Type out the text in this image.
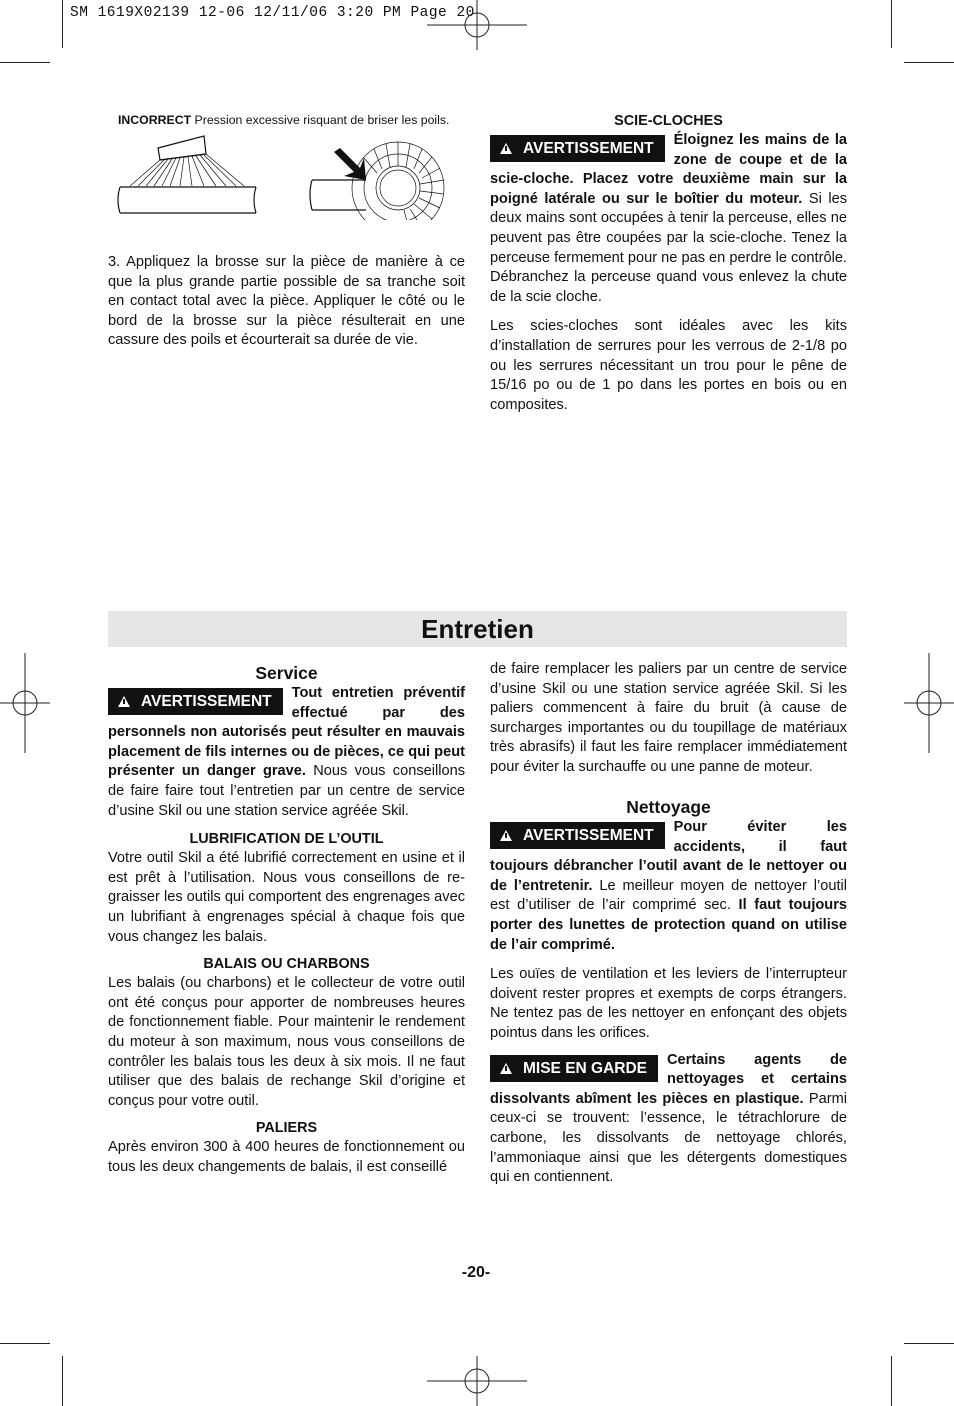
SM 1619X02139 12-06 12/11/06 3:20 PM Page 20
INCORRECT Pression excessive risquant de briser les poils.

3. Appliquez la brosse sur la pièce de manière à ce que la plus grande partie possible de sa tranche soit en contact total avec la pièce. Appliquer le côté ou le bord de la brosse sur la pièce résulterait en une cassure des poils et écourterait sa durée de vie.

SCIE-CLOCHES

AVERTISSEMENT	Éloignez les mains de la zone de coupe et de la scie-cloche. Placez votre deuxième main sur la poigné latérale ou sur le boîtier du moteur. Si les deux mains sont occupées à tenir la perceuse, elles ne peuvent pas être coupées par la scie-cloche. Tenez la perceuse fermement pour ne pas en perdre le contrôle. Débranchez la perceuse quand vous enlevez la chute de la scie cloche.

Les scies-cloches sont idéales avec les kits d’installation de serrures pour les verrous de 2-1/8 po ou les serrures nécessitant un trou pour le pêne de 15/16 po ou de 1 po dans les portes en bois ou en composites.

Entretien
Service

AVERTISSEMENT	Tout entretien préventif effectué par des personnels non autorisés peut résulter en mauvais placement de fils internes ou de pièces, ce qui peut présenter un danger grave. Nous vous conseillons de faire faire tout l’entretien par un centre de service d’usine Skil ou une station service agréée Skil.

LUBRIFICATION DE L’OUTIL

Votre outil Skil a été lubrifié correctement en usine et il est prêt à l’utilisation. Nous vous conseillons de re-graisser les outils qui comportent des engrenages avec un lubrifiant à engrenages spécial à chaque fois que vous changez les balais.

BALAIS OU CHARBONS

Les balais (ou charbons) et le collecteur de votre outil ont été conçus pour apporter de nombreuses heures de fonctionnement fiable. Pour maintenir le rendement du moteur à son maximum, nous vous conseillons de contrôler les balais tous les deux à six mois. Il ne faut utiliser que des balais de rechange Skil d’origine et conçus pour votre outil.

PALIERS

Après environ 300 à 400 heures de fonctionnement ou tous les deux changements de balais, il est conseillé

de faire remplacer les paliers par un centre de service d’usine Skil ou une station service agréée Skil. Si les paliers commencent à faire du bruit (à cause de surcharges importantes ou du toupillage de matériaux très abrasifs) il faut les faire remplacer immédiatement pour éviter la surchauffe ou une panne de moteur.

Nettoyage

AVERTISSEMENT	Pour éviter les accidents, il faut toujours débrancher l’outil avant de le nettoyer ou de l’entretenir. Le meilleur moyen de nettoyer l’outil est d’utiliser de l’air comprimé sec. Il faut toujours porter des lunettes de protection quand on utilise de l’air comprimé.

Les ouïes de ventilation et les leviers de l’interrupteur doivent rester propres et exempts de corps étrangers. Ne tentez pas de les nettoyer en enfonçant des objets pointus dans les orifices.

MISE EN GARDE	Certains agents de nettoyages et certains dissolvants abîment les pièces en plastique. Parmi ceux-ci se trouvent: l’essence, le tétrachlorure de carbone, les dissolvants de nettoyage chlorés, l’ammoniaque ainsi que les détergents domestiques qui en contiennent.

-20-
